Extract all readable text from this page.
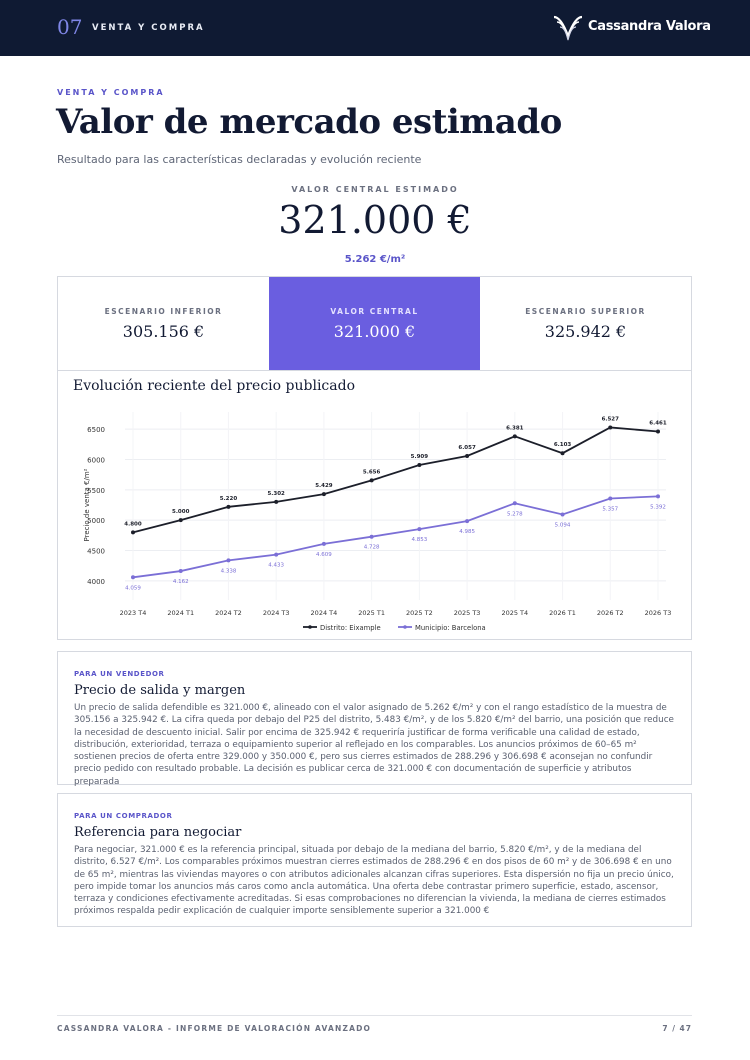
07 VENTA Y COMPRA	Cassandra Valora
VENTA Y COMPRA
Valor de mercado estimado
Resultado para las características declaradas y evolución reciente
VALOR CENTRAL ESTIMADO
321.000 €
5.262 €/m²
ESCENARIO INFERIOR
305.156 €
VALOR CENTRAL
321.000 €
ESCENARIO SUPERIOR
325.942 €
Evolución reciente del precio publicado
4000
4500
5000
5500
6000
6500
2023 T4	2024 T1	2024 T2	2024 T3	2024 T4	2025 T1	2025 T2	2025 T3	2025 T4	2026 T1	2026 T2	2026 T3
Precio de venta €/m²	4.800
5.000
5.220
5.302
5.429
5.656
5.909
6.057
6.381
6.103
6.527
6.461
4.059
4.162
4.338
4.433
4.609
4.728
4.853
4.985
5.278
5.094
5.357	5.392
Distrito: Eixample	Municipio: Barcelona
PARA UN VENDEDOR
Precio de salida y margen
Un precio de salida defendible es 321.000 €, alineado con el valor asignado de 5.262 €/m² y con el rango estadístico de la muestra de 305.156 a 325.942 €. La cifra queda por debajo del P25 del distrito, 5.483 €/m², y de los 5.820 €/m² del barrio, una posición que reduce la necesidad de descuento inicial. Salir por encima de 325.942 € requeriría justificar de forma verificable una calidad de estado, distribución, exterioridad, terraza o equipamiento superior al reflejado en los comparables. Los anuncios próximos de 60–65 m² sostienen precios de oferta entre 329.000 y 350.000 €, pero sus cierres estimados de 288.296 y 306.698 € aconsejan no confundir precio pedido con resultado probable. La decisión es publicar cerca de 321.000 € con documentación de superficie y atributos preparada
PARA UN COMPRADOR
Referencia para negociar
Para negociar, 321.000 € es la referencia principal, situada por debajo de la mediana del barrio, 5.820 €/m², y de la mediana del distrito, 6.527 €/m². Los comparables próximos muestran cierres estimados de 288.296 € en dos pisos de 60 m² y de 306.698 € en uno de 65 m², mientras las viviendas mayores o con atributos adicionales alcanzan cifras superiores. Esta dispersión no fija un precio único, pero impide tomar los anuncios más caros como ancla automática. Una oferta debe contrastar primero superficie, estado, ascensor, terraza y condiciones efectivamente acreditadas. Si esas comprobaciones no diferencian la vivienda, la mediana de cierres estimados próximos respalda pedir explicación de cualquier importe sensiblemente superior a 321.000 €
CASSANDRA VALORA - INFORME DE VALORACIÓN AVANZADO	7 / 47
